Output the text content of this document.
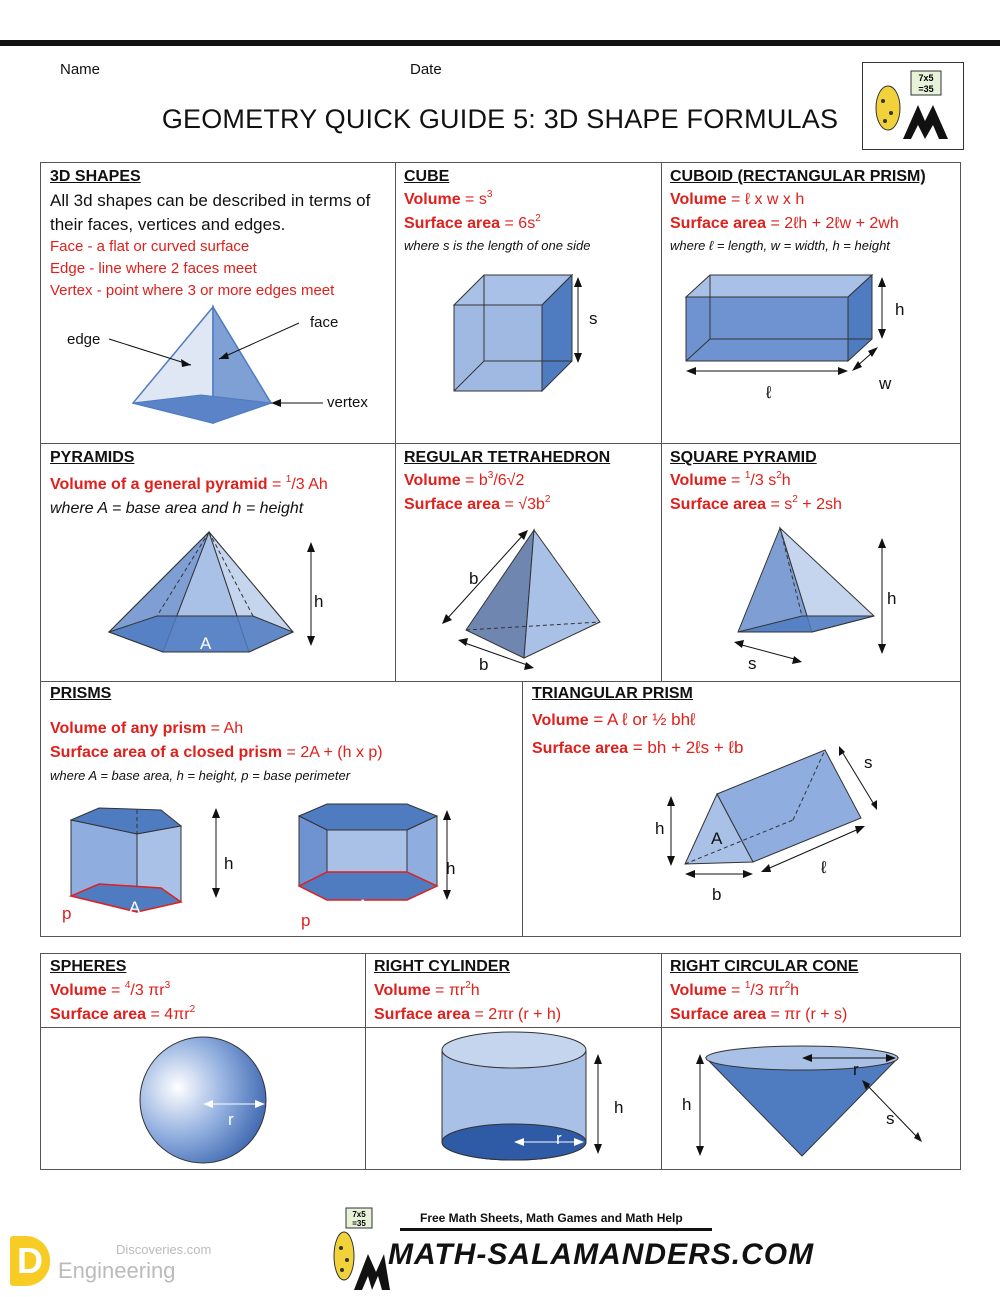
Name	Date
GEOMETRY QUICK GUIDE 5: 3D SHAPE FORMULAS
7x5
=35
3D SHAPES
All 3d shapes can be described in terms of
their faces, vertices and edges.
Face - a flat or curved surface
Edge - line where 2 faces meet
Vertex - point where 3 or more edges meet
edge
face
vertex
CUBE
Volume = $s^3$
Surface area = $6s^2$
where s is the length of one side
s
CUBOID (RECTANGULAR PRISM)
Volume = ℓ x w x h
Surface area = 2ℓh + 2ℓw + 2wh
where ℓ = length, w = width, h = height
h
ℓ	w
PYRAMIDS
Volume of a general pyramid = $^1$/3 Ah
where A = base area and h = height
h
A
REGULAR TETRAHEDRON
Volume = $b^3/6√2$
Surface area = $√3b^2$
b
b
SQUARE PYRAMID
Volume = $^1$/3 $s^2h$
Surface area = $s^2 + 2sh$
h
s
PRISMS
Volume of any prism = Ah
Surface area of a closed prism = 2A + (h x p)
where A = base area, h = height, p = base perimeter
h	h
A	A
p	p
TRIANGULAR PRISM
Volume = A ℓ or ½ bhℓ
Surface area = bh + 2ℓs + ℓb
s
h
A
ℓ
b
SPHERES
Volume = $^4$/3 $\pi r^3$
Surface area = $4\pi r^2$
RIGHT CYLINDER
Volume = $\pi r^2h$
Surface area = 2πr (r + h)
RIGHT CIRCULAR CONE
Volume = $^1$/3 $\pi r^2h$
Surface area = πr (r + s)
r
r
h
r
h
s
7x5
=35	Free Math Sheets, Math Games and Math Help
MATH-SALAMANDERS.COM
D	Discoveries.com
Engineering
